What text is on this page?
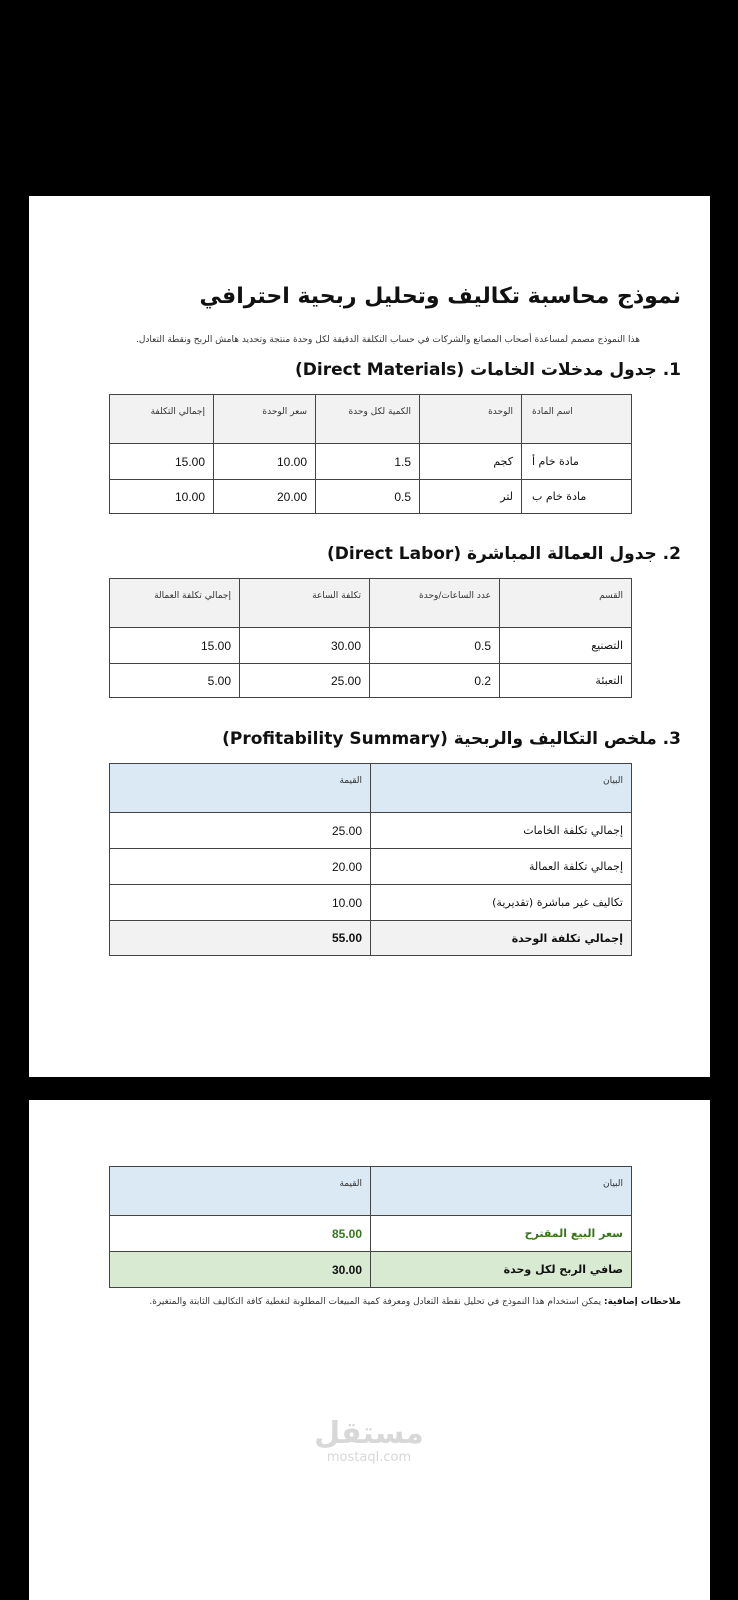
نموذج محاسبة تكاليف وتحليل ربحية احترافي

هذا النموذج مصمم لمساعدة أصحاب المصانع والشركات في حساب التكلفة الدقيقة لكل وحدة منتجة وتحديد هامش الربح ونقطة التعادل.

1. جدول مدخلات الخامات (Direct Materials)
إجمالي التكلفة	سعر الوحدة	الكمية لكل وحدة	الوحدة	اسم المادة
15.00	10.00	1.5	كجم	مادة خام أ
10.00	20.00	0.5	لتر	مادة خام ب
2. جدول العمالة المباشرة (Direct Labor)
إجمالي تكلفة العمالة	تكلفة الساعة	عدد الساعات/وحدة	القسم
15.00	30.00	0.5	التصنيع
5.00	25.00	0.2	التعبئة
3. ملخص التكاليف والربحية (Profitability Summary)
القيمة	البيان
25.00	إجمالي تكلفة الخامات
20.00	إجمالي تكلفة العمالة
10.00	تكاليف غير مباشرة (تقديرية)
55.00	إجمالي تكلفة الوحدة
القيمة	البيان
85.00	سعر البيع المقترح
30.00	صافي الربح لكل وحدة

ملاحظات إضافية: يمكن استخدام هذا النموذج في تحليل نقطة التعادل ومعرفة كمية المبيعات المطلوبة لتغطية كافة التكاليف الثابتة والمتغيرة.

مستقل
mostaql.com
